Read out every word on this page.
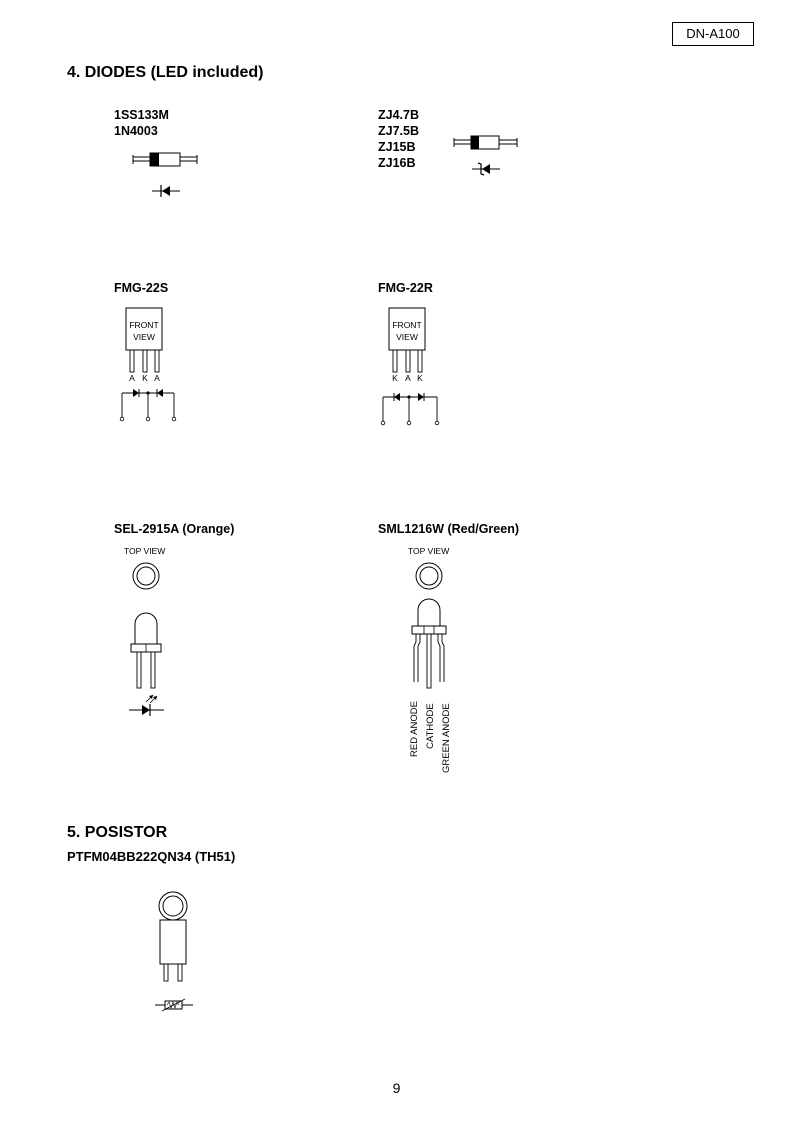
DN-A100
4. DIODES (LED included)
1SS133M
1N4003
ZJ4.7B
ZJ7.5B
ZJ15B
ZJ16B
FMG-22S
FRONT
VIEW
A K A
FMG-22R
FRONT
VIEW
K A K
SEL-2915A (Orange)
TOP VIEW
SML1216W (Red/Green)
TOP VIEW
RED ANODE CATHODE GREEN ANODE
5. POSISTOR
PTFM04BB222QN34 (TH51)
9
